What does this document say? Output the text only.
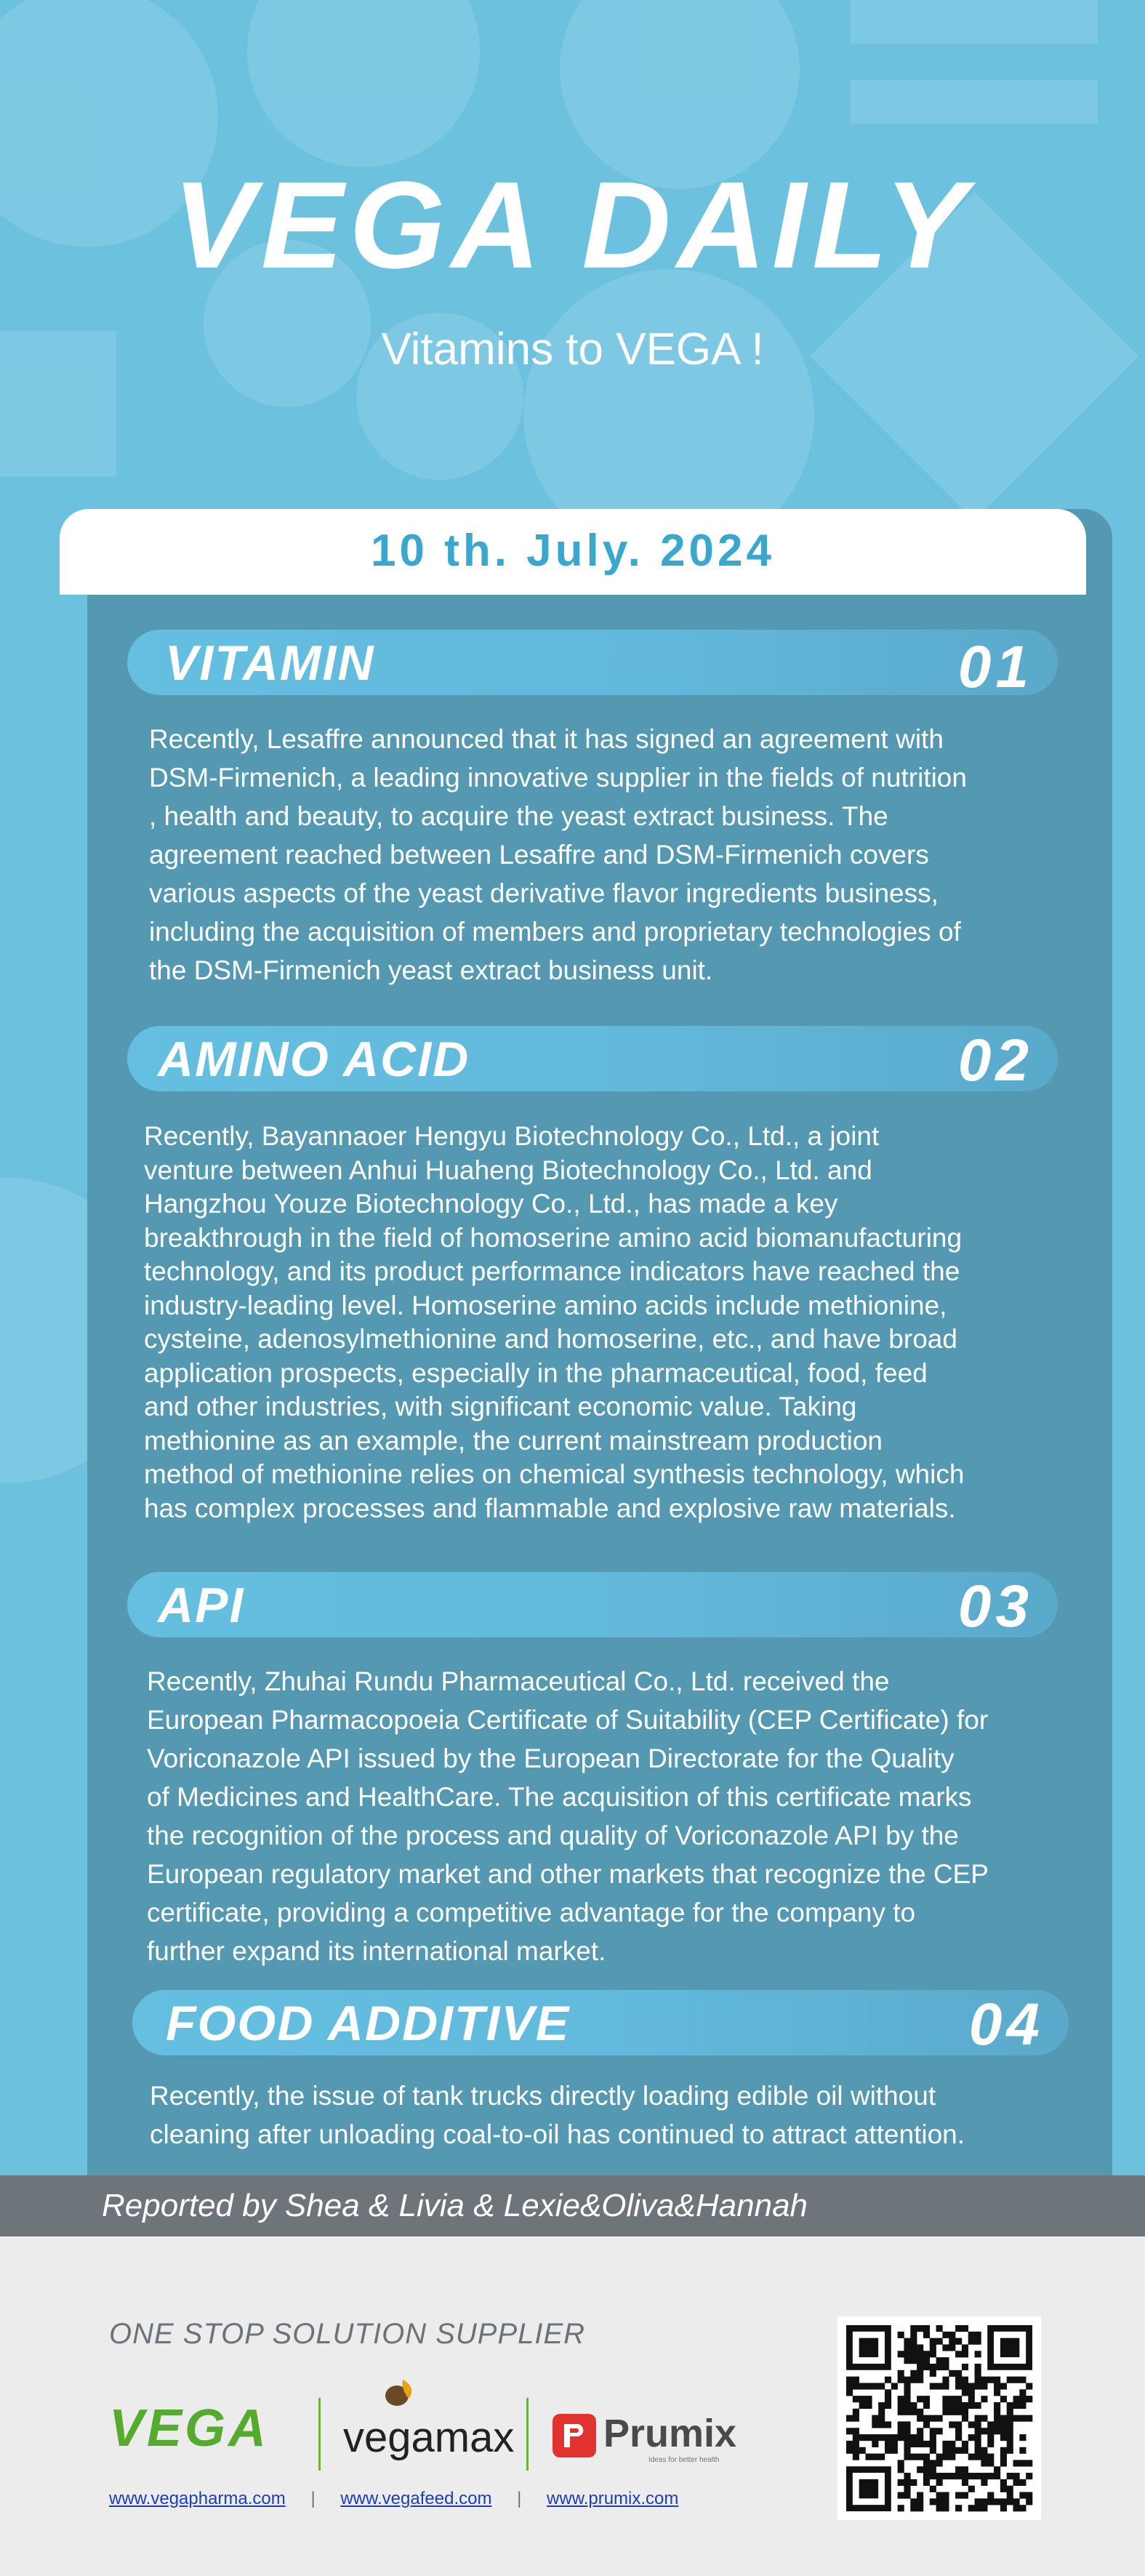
VEGA DAILY
Vitamins to VEGA !
10 th. July. 2024
VITAMIN	01
Recently, Lesaffre announced that it has signed an agreement with
DSM-Firmenich, a leading innovative supplier in the fields of nutrition
, health and beauty, to acquire the yeast extract business. The
agreement reached between Lesaffre and DSM-Firmenich covers
various aspects of the yeast derivative flavor ingredients business,
including the acquisition of members and proprietary technologies of
the DSM-Firmenich yeast extract business unit.
AMINO ACID	02
Recently, Bayannaoer Hengyu Biotechnology Co., Ltd., a joint
venture between Anhui Huaheng Biotechnology Co., Ltd. and
Hangzhou Youze Biotechnology Co., Ltd., has made a key
breakthrough in the field of homoserine amino acid biomanufacturing
technology, and its product performance indicators have reached the
industry-leading level. Homoserine amino acids include methionine,
cysteine, adenosylmethionine and homoserine, etc., and have broad
application prospects, especially in the pharmaceutical, food, feed
and other industries, with significant economic value. Taking
methionine as an example, the current mainstream production
method of methionine relies on chemical synthesis technology, which
has complex processes and flammable and explosive raw materials.
API	03
Recently, Zhuhai Rundu Pharmaceutical Co., Ltd. received the
European Pharmacopoeia Certificate of Suitability (CEP Certificate) for
Voriconazole API issued by the European Directorate for the Quality
of Medicines and HealthCare. The acquisition of this certificate marks
the recognition of the process and quality of Voriconazole API by the
European regulatory market and other markets that recognize the CEP
certificate, providing a competitive advantage for the company to
further expand its international market.
FOOD ADDITIVE	04
Recently, the issue of tank trucks directly loading edible oil without
cleaning after unloading coal-to-oil has continued to attract attention.
Reported by Shea & Livia & Lexie&Oliva&Hannah
ONE STOP SOLUTION SUPPLIER
VEGA vegamax Prumix
Ideas for better health
www.vegapharma.com | www.vegafeed.com | www.prumix.com
